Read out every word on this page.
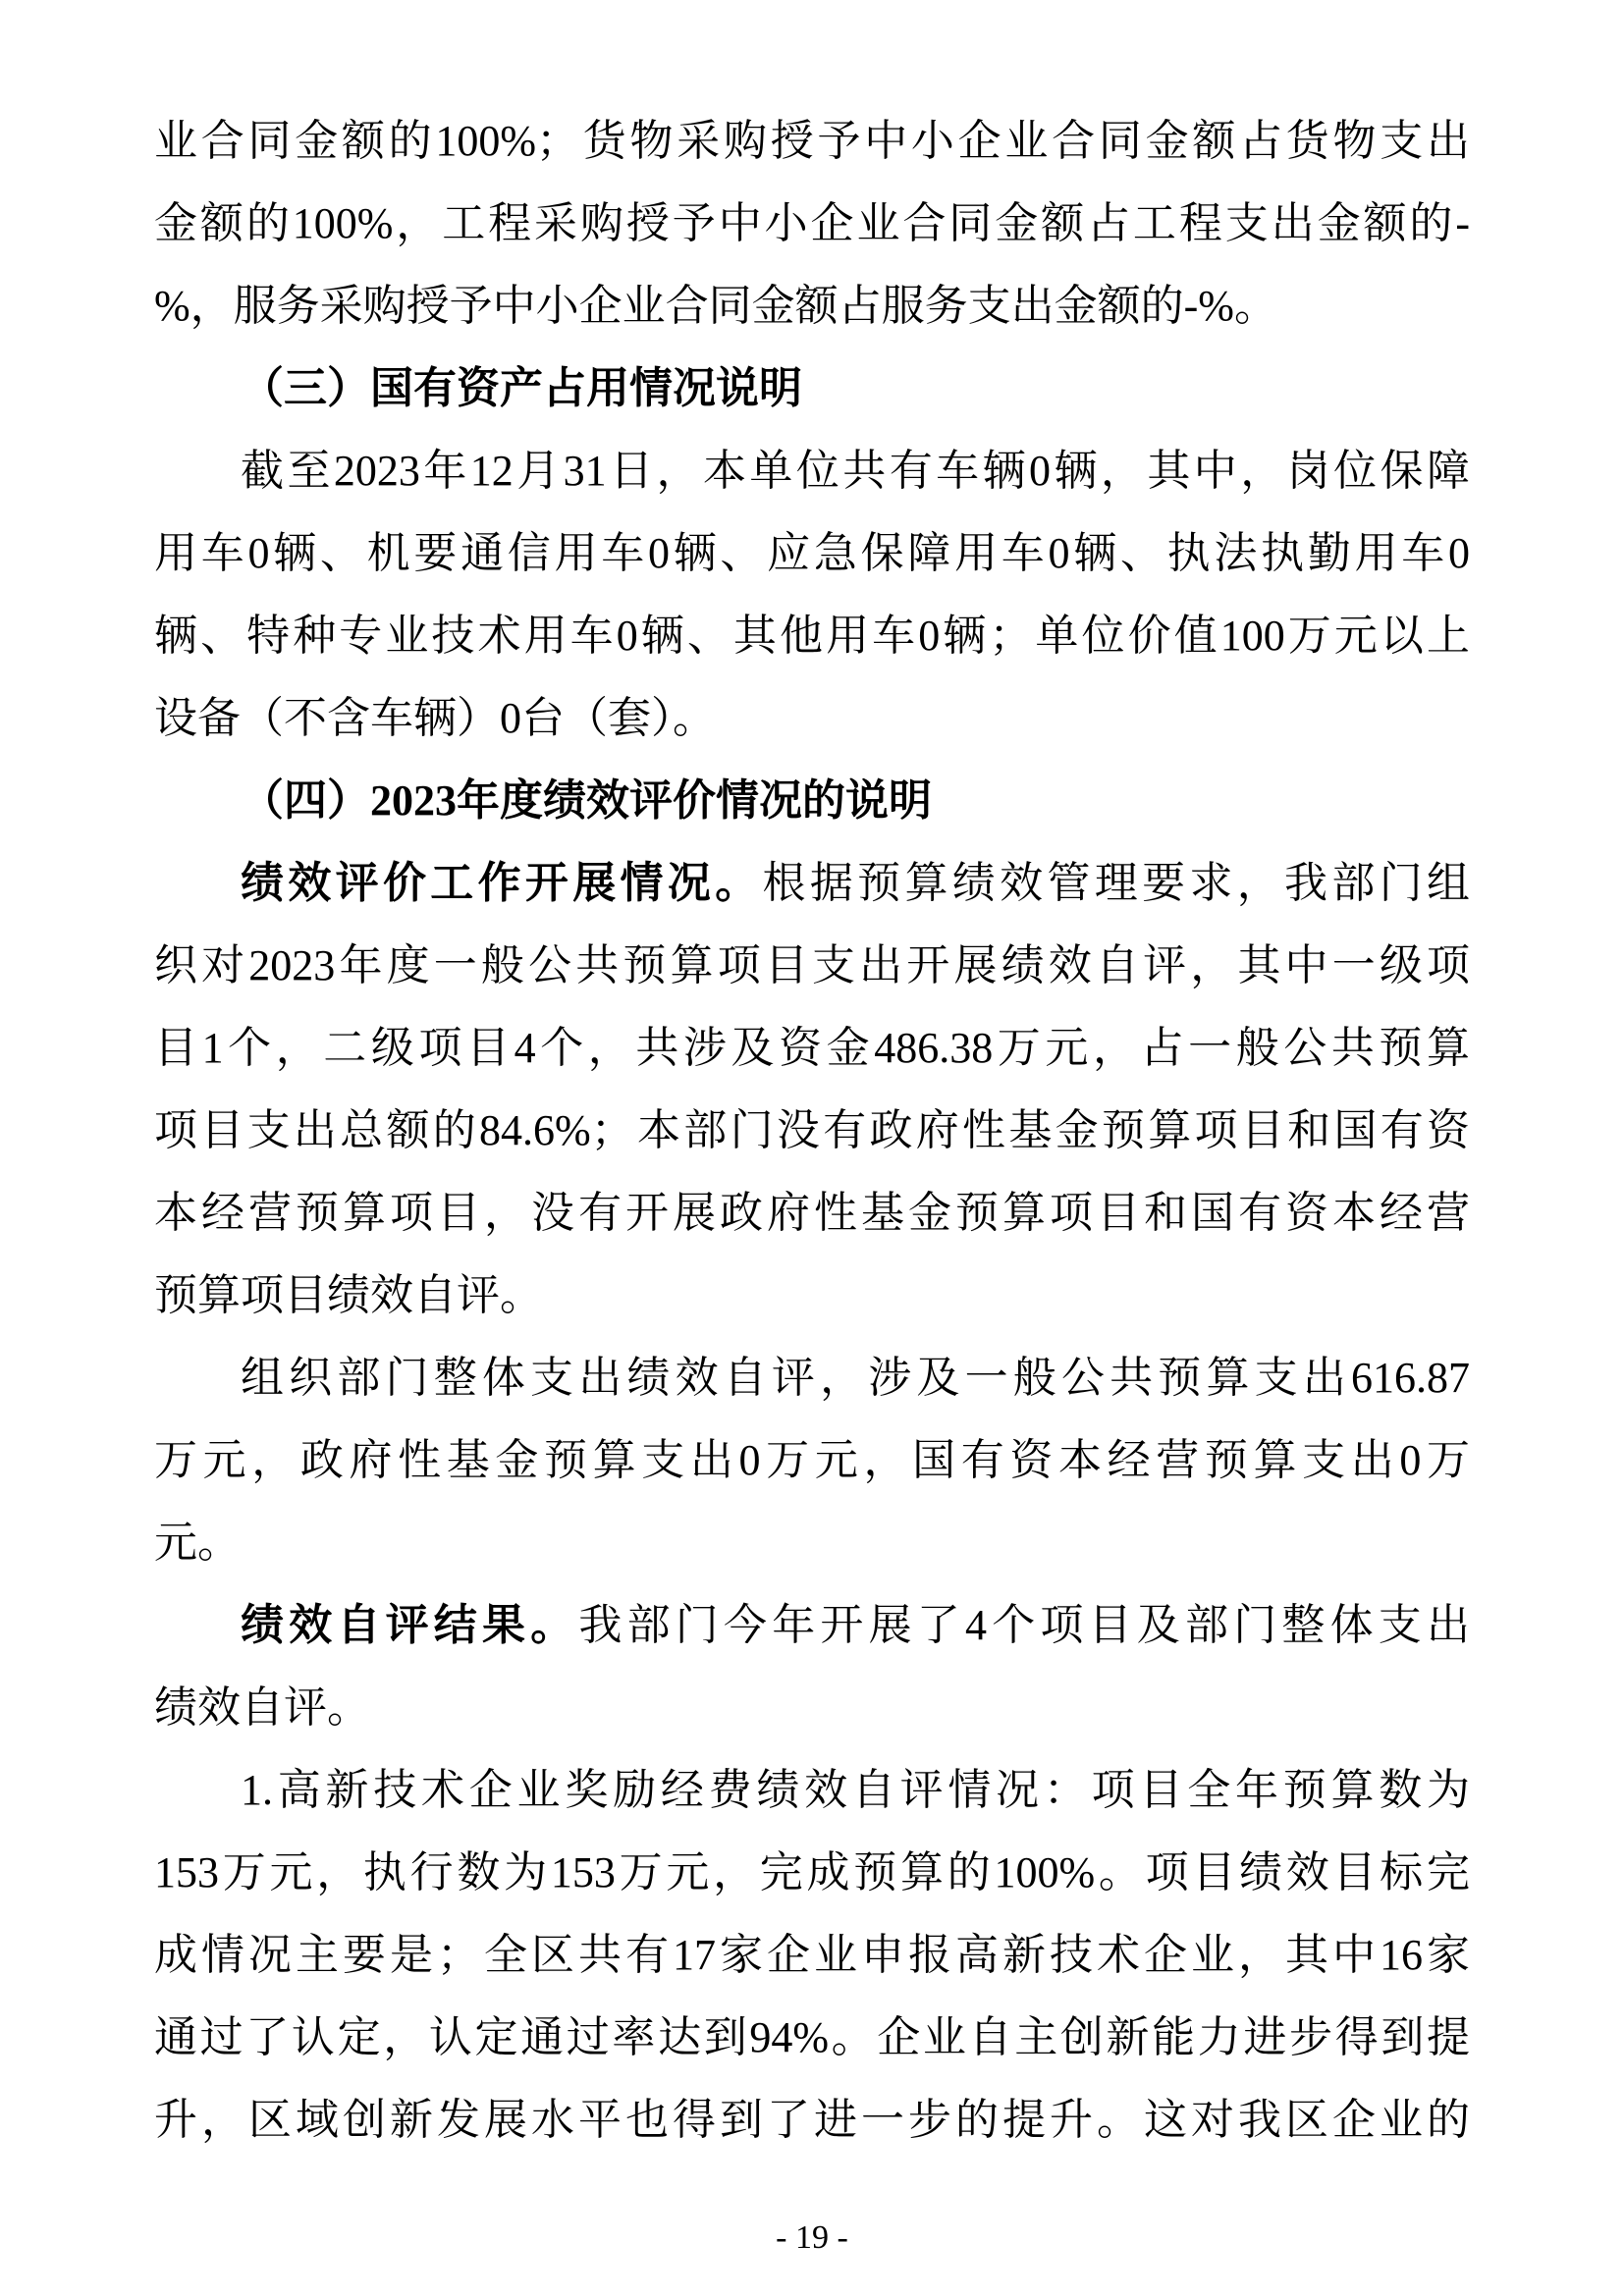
业合同金额的100%；货物采购授予中小企业合同金额占货物支出
金额的100%，工程采购授予中小企业合同金额占工程支出金额的-
%，服务采购授予中小企业合同金额占服务支出金额的-%。
（三）国有资产占用情况说明
截至2023年12月31日，本单位共有车辆0辆，其中，岗位保障
用车0辆、机要通信用车0辆、应急保障用车0辆、执法执勤用车0
辆、特种专业技术用车0辆、其他用车0辆；单位价值100万元以上
设备（不含车辆）0台（套）。
（四）2023年度绩效评价情况的说明
绩效评价工作开展情况。根据预算绩效管理要求，我部门组
织对2023年度一般公共预算项目支出开展绩效自评，其中一级项
目1个，二级项目4个，共涉及资金486.38万元，占一般公共预算
项目支出总额的84.6%；本部门没有政府性基金预算项目和国有资
本经营预算项目，没有开展政府性基金预算项目和国有资本经营
预算项目绩效自评。
组织部门整体支出绩效自评，涉及一般公共预算支出616.87
万元，政府性基金预算支出0万元，国有资本经营预算支出0万
元。
绩效自评结果。我部门今年开展了4个项目及部门整体支出
绩效自评。
1.高新技术企业奖励经费绩效自评情况：项目全年预算数为
153万元，执行数为153万元，完成预算的100%。项目绩效目标完
成情况主要是；全区共有17家企业申报高新技术企业，其中16家
通过了认定，认定通过率达到94%。企业自主创新能力进步得到提
升，区域创新发展水平也得到了进一步的提升。这对我区企业的
- 19 -
